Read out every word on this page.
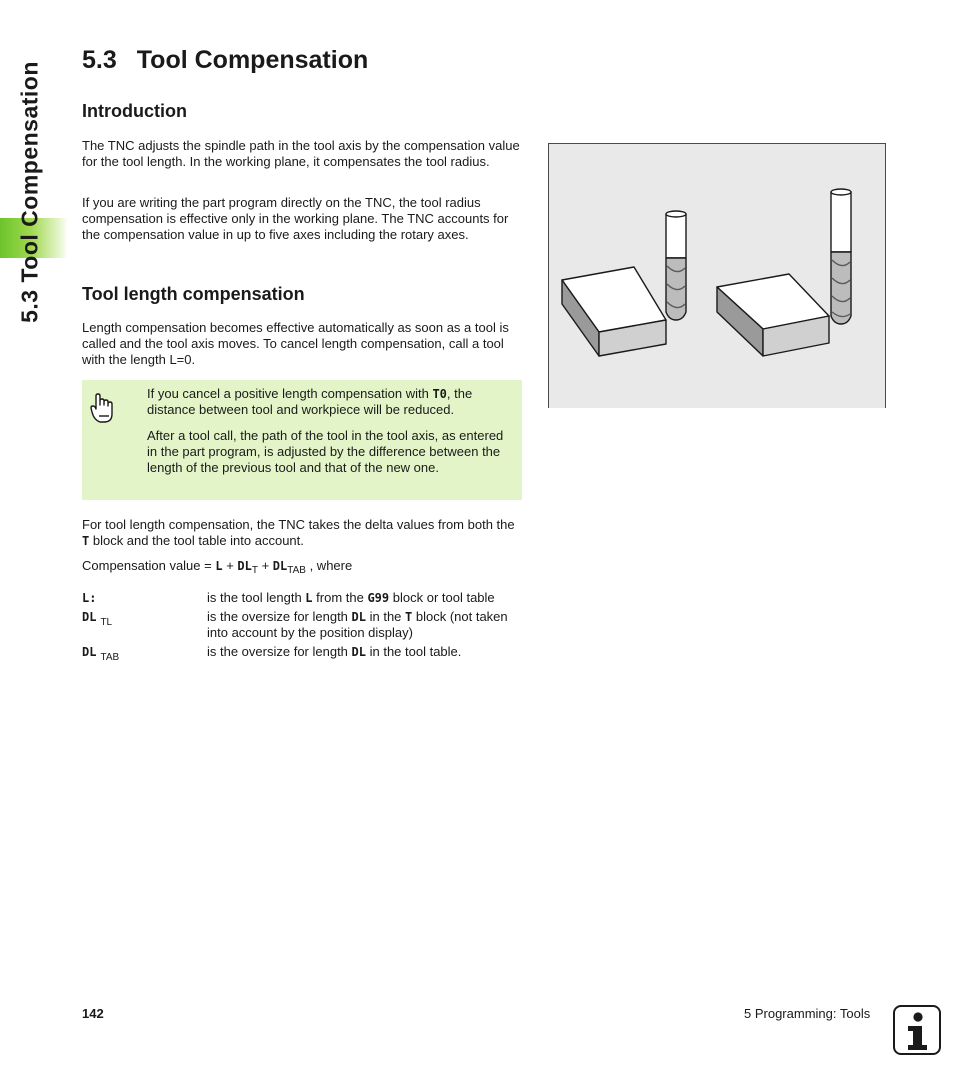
5.3 Tool Compensation
5.3 Tool Compensation
Introduction

The TNC adjusts the spindle path in the tool axis by the compensation value for the tool length. In the working plane, it compensates the tool radius.

If you are writing the part program directly on the TNC, the tool radius compensation is effective only in the working plane. The TNC accounts for the compensation value in up to five axes including the rotary axes.

Tool length compensation

Length compensation becomes effective automatically as soon as a tool is called and the tool axis moves. To cancel length compensation, call a tool with the length L=0.

If you cancel a positive length compensation with T0, the distance between tool and workpiece will be reduced.

After a tool call, the path of the tool in the tool axis, as entered in the part program, is adjusted by the difference between the length of the previous tool and that of the new one.

For tool length compensation, the TNC takes the delta values from both the T block and the tool table into account.

Compensation value = $L + DL_T + DL_{TAB}$ , where

L:	is the tool length L from the G99 block or tool table

DL $_{TL}$	is the oversize for length DL in the T block (not taken into account by the position display)

DL $_{TAB}$	is the oversize for length DL in the tool table.

142	5 Programming: Tools
